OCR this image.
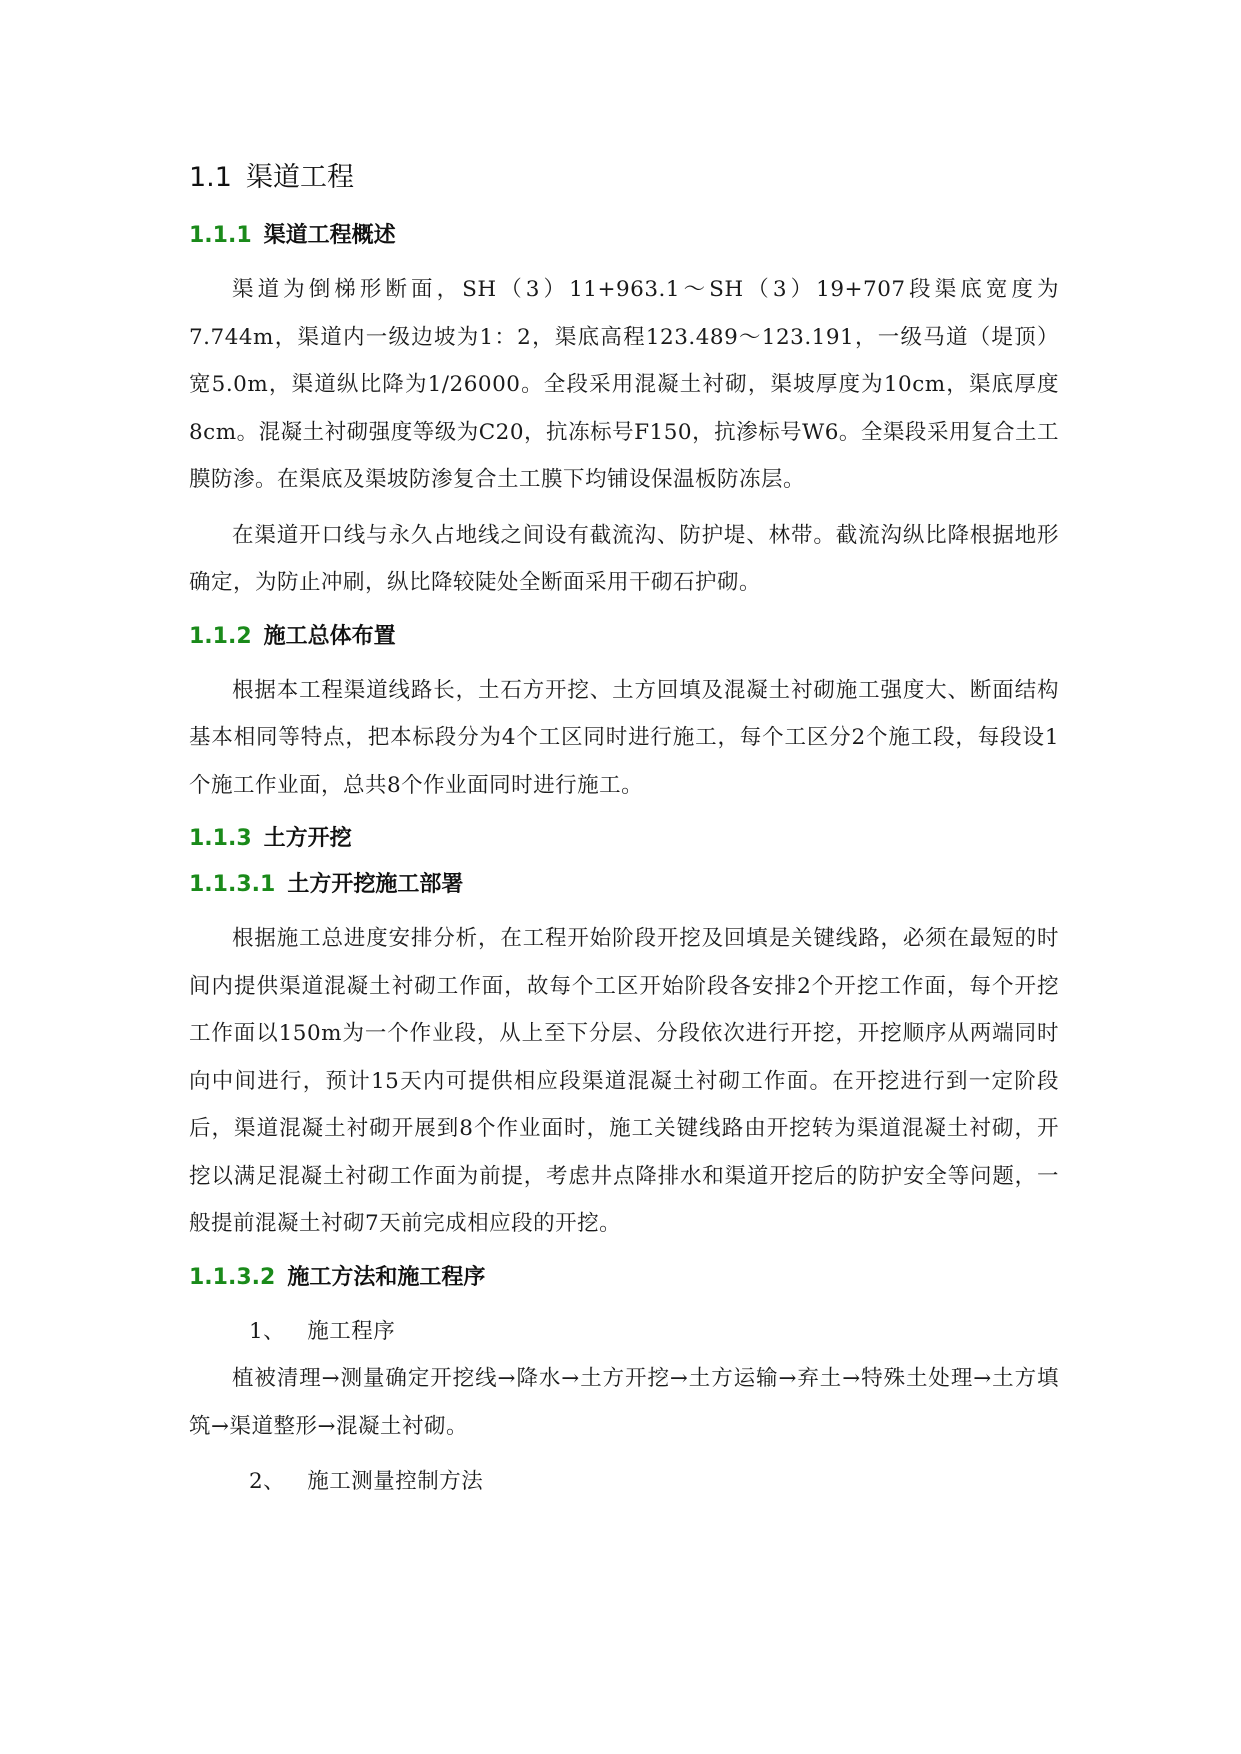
1.1 渠道工程
1.1.1 渠道工程概述

渠道为倒梯形断面，SH（3）11+963.1～SH（3）19+707段渠底宽度为7.744m，渠道内一级边坡为1：2，渠底高程123.489～123.191，一级马道（堤顶）宽5.0m，渠道纵比降为1/26000。全段采用混凝土衬砌，渠坡厚度为10cm，渠底厚度8cm。混凝土衬砌强度等级为C20，抗冻标号F150，抗渗标号W6。全渠段采用复合土工膜防渗。在渠底及渠坡防渗复合土工膜下均铺设保温板防冻层。

在渠道开口线与永久占地线之间设有截流沟、防护堤、林带。截流沟纵比降根据地形确定，为防止冲刷，纵比降较陡处全断面采用干砌石护砌。

1.1.2 施工总体布置

根据本工程渠道线路长，土石方开挖、土方回填及混凝土衬砌施工强度大、断面结构基本相同等特点，把本标段分为4个工区同时进行施工，每个工区分2个施工段，每段设1个施工作业面，总共8个作业面同时进行施工。

1.1.3 土方开挖
1.1.3.1 土方开挖施工部署

根据施工总进度安排分析，在工程开始阶段开挖及回填是关键线路，必须在最短的时间内提供渠道混凝土衬砌工作面，故每个工区开始阶段各安排2个开挖工作面，每个开挖工作面以150m为一个作业段，从上至下分层、分段依次进行开挖，开挖顺序从两端同时向中间进行，预计15天内可提供相应段渠道混凝土衬砌工作面。在开挖进行到一定阶段后，渠道混凝土衬砌开展到8个作业面时，施工关键线路由开挖转为渠道混凝土衬砌，开挖以满足混凝土衬砌工作面为前提，考虑井点降排水和渠道开挖后的防护安全等问题，一般提前混凝土衬砌7天前完成相应段的开挖。

1.1.3.2 施工方法和施工程序
1、 施工程序

植被清理→测量确定开挖线→降水→土方开挖→土方运输→弃土→特殊土处理→土方填筑→渠道整形→混凝土衬砌。

2、 施工测量控制方法
